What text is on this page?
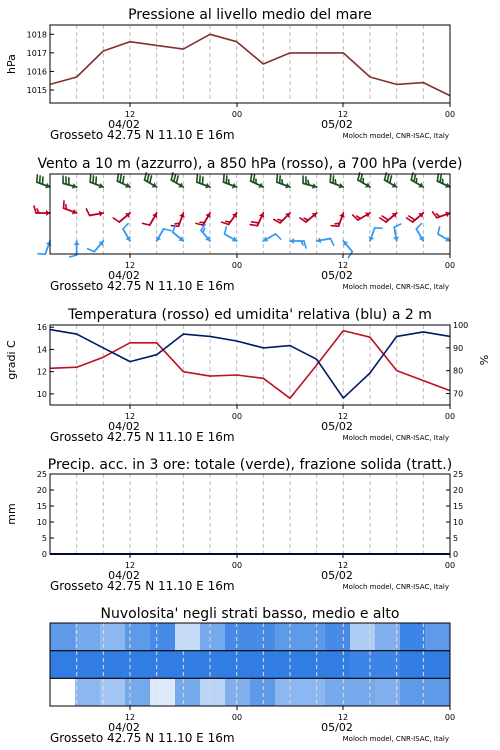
Pressione al livello medio del mare
hPa
1015
1016
1017
1018
12	00	12	00
04/02	05/02
Grosseto 42.75 N 11.10 E 16m	Moloch model, CNR-ISAC, Italy
Vento a 10 m (azzurro), a 850 hPa (rosso), a 700 hPa (verde)
12	00	12	00
04/02	05/02
Grosseto 42.75 N 11.10 E 16m	Moloch model, CNR-ISAC, Italy
Temperatura (rosso) ed umidita' relativa (blu) a 2 m
gradi C	%
10
12
14
16
70
80
90
100
12	00	12	00
04/02	05/02
Grosseto 42.75 N 11.10 E 16m	Moloch model, CNR-ISAC, Italy
Precip. acc. in 3 ore: totale (verde), frazione solida (tratt.)
mm
0
5
10
15
20
25
0
5
10
15
20
25
12	00	12	00
04/02	05/02
Grosseto 42.75 N 11.10 E 16m	Moloch model, CNR-ISAC, Italy
Nuvolosita' negli strati basso, medio e alto
12	00	12	00
04/02	05/02
Grosseto 42.75 N 11.10 E 16m	Moloch model, CNR-ISAC, Italy
